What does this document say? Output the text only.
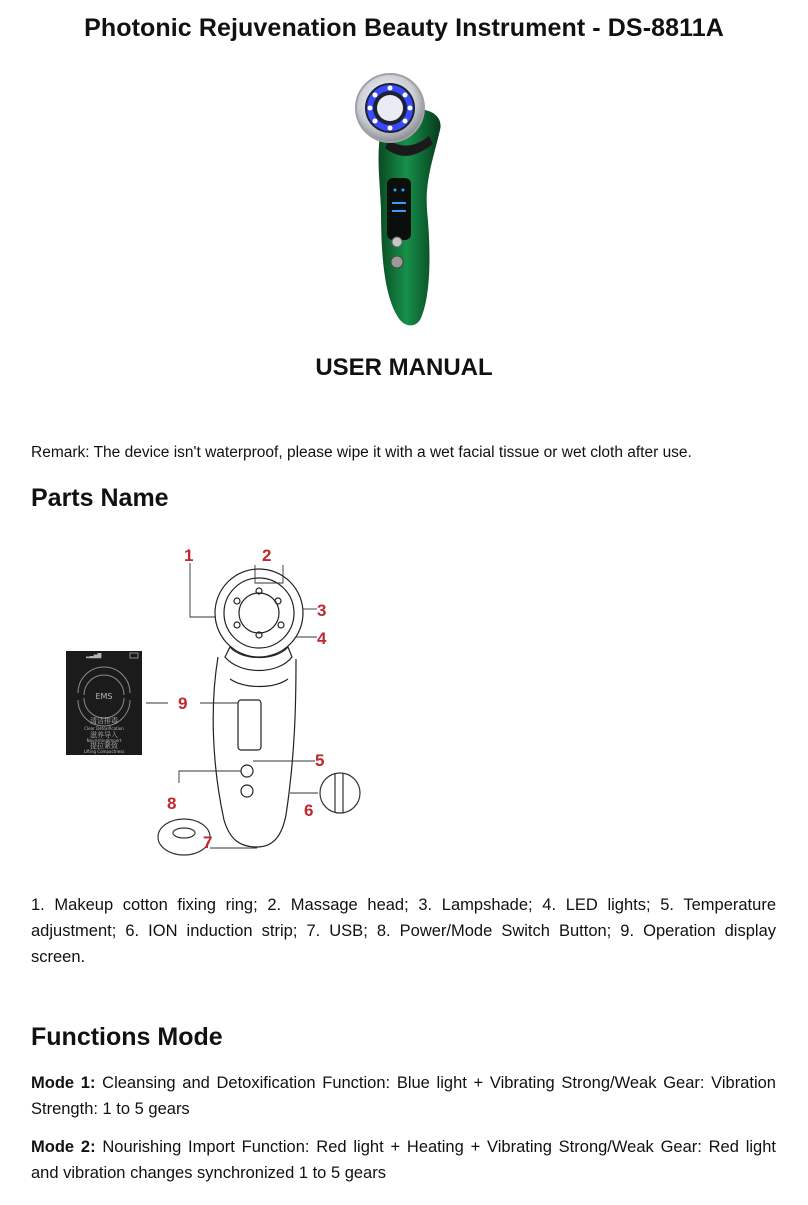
Photonic Rejuvenation Beauty Instrument - DS-8811A
USER MANUAL
Remark: The device isn't waterproof, please wipe it with a wet facial tissue or wet cloth after use.
Parts Name
EMS
清洁排毒
Clear Detoxification
滋养导入
NourishingImport
提拉紧致
Lifting Compactness
▂▃▅▇
1	2
3
4
5
6
7
8
9
1. Makeup cotton fixing ring; 2. Massage head; 3. Lampshade; 4. LED lights; 5. Temperature adjustment; 6. ION induction strip; 7. USB; 8. Power/Mode Switch Button; 9. Operation display screen.
Functions Mode
Mode 1: Cleansing and Detoxification Function: Blue light + Vibrating Strong/Weak Gear: Vibration Strength: 1 to 5 gears
Mode 2: Nourishing Import Function: Red light + Heating + Vibrating Strong/Weak Gear: Red light and vibration changes synchronized 1 to 5 gears
